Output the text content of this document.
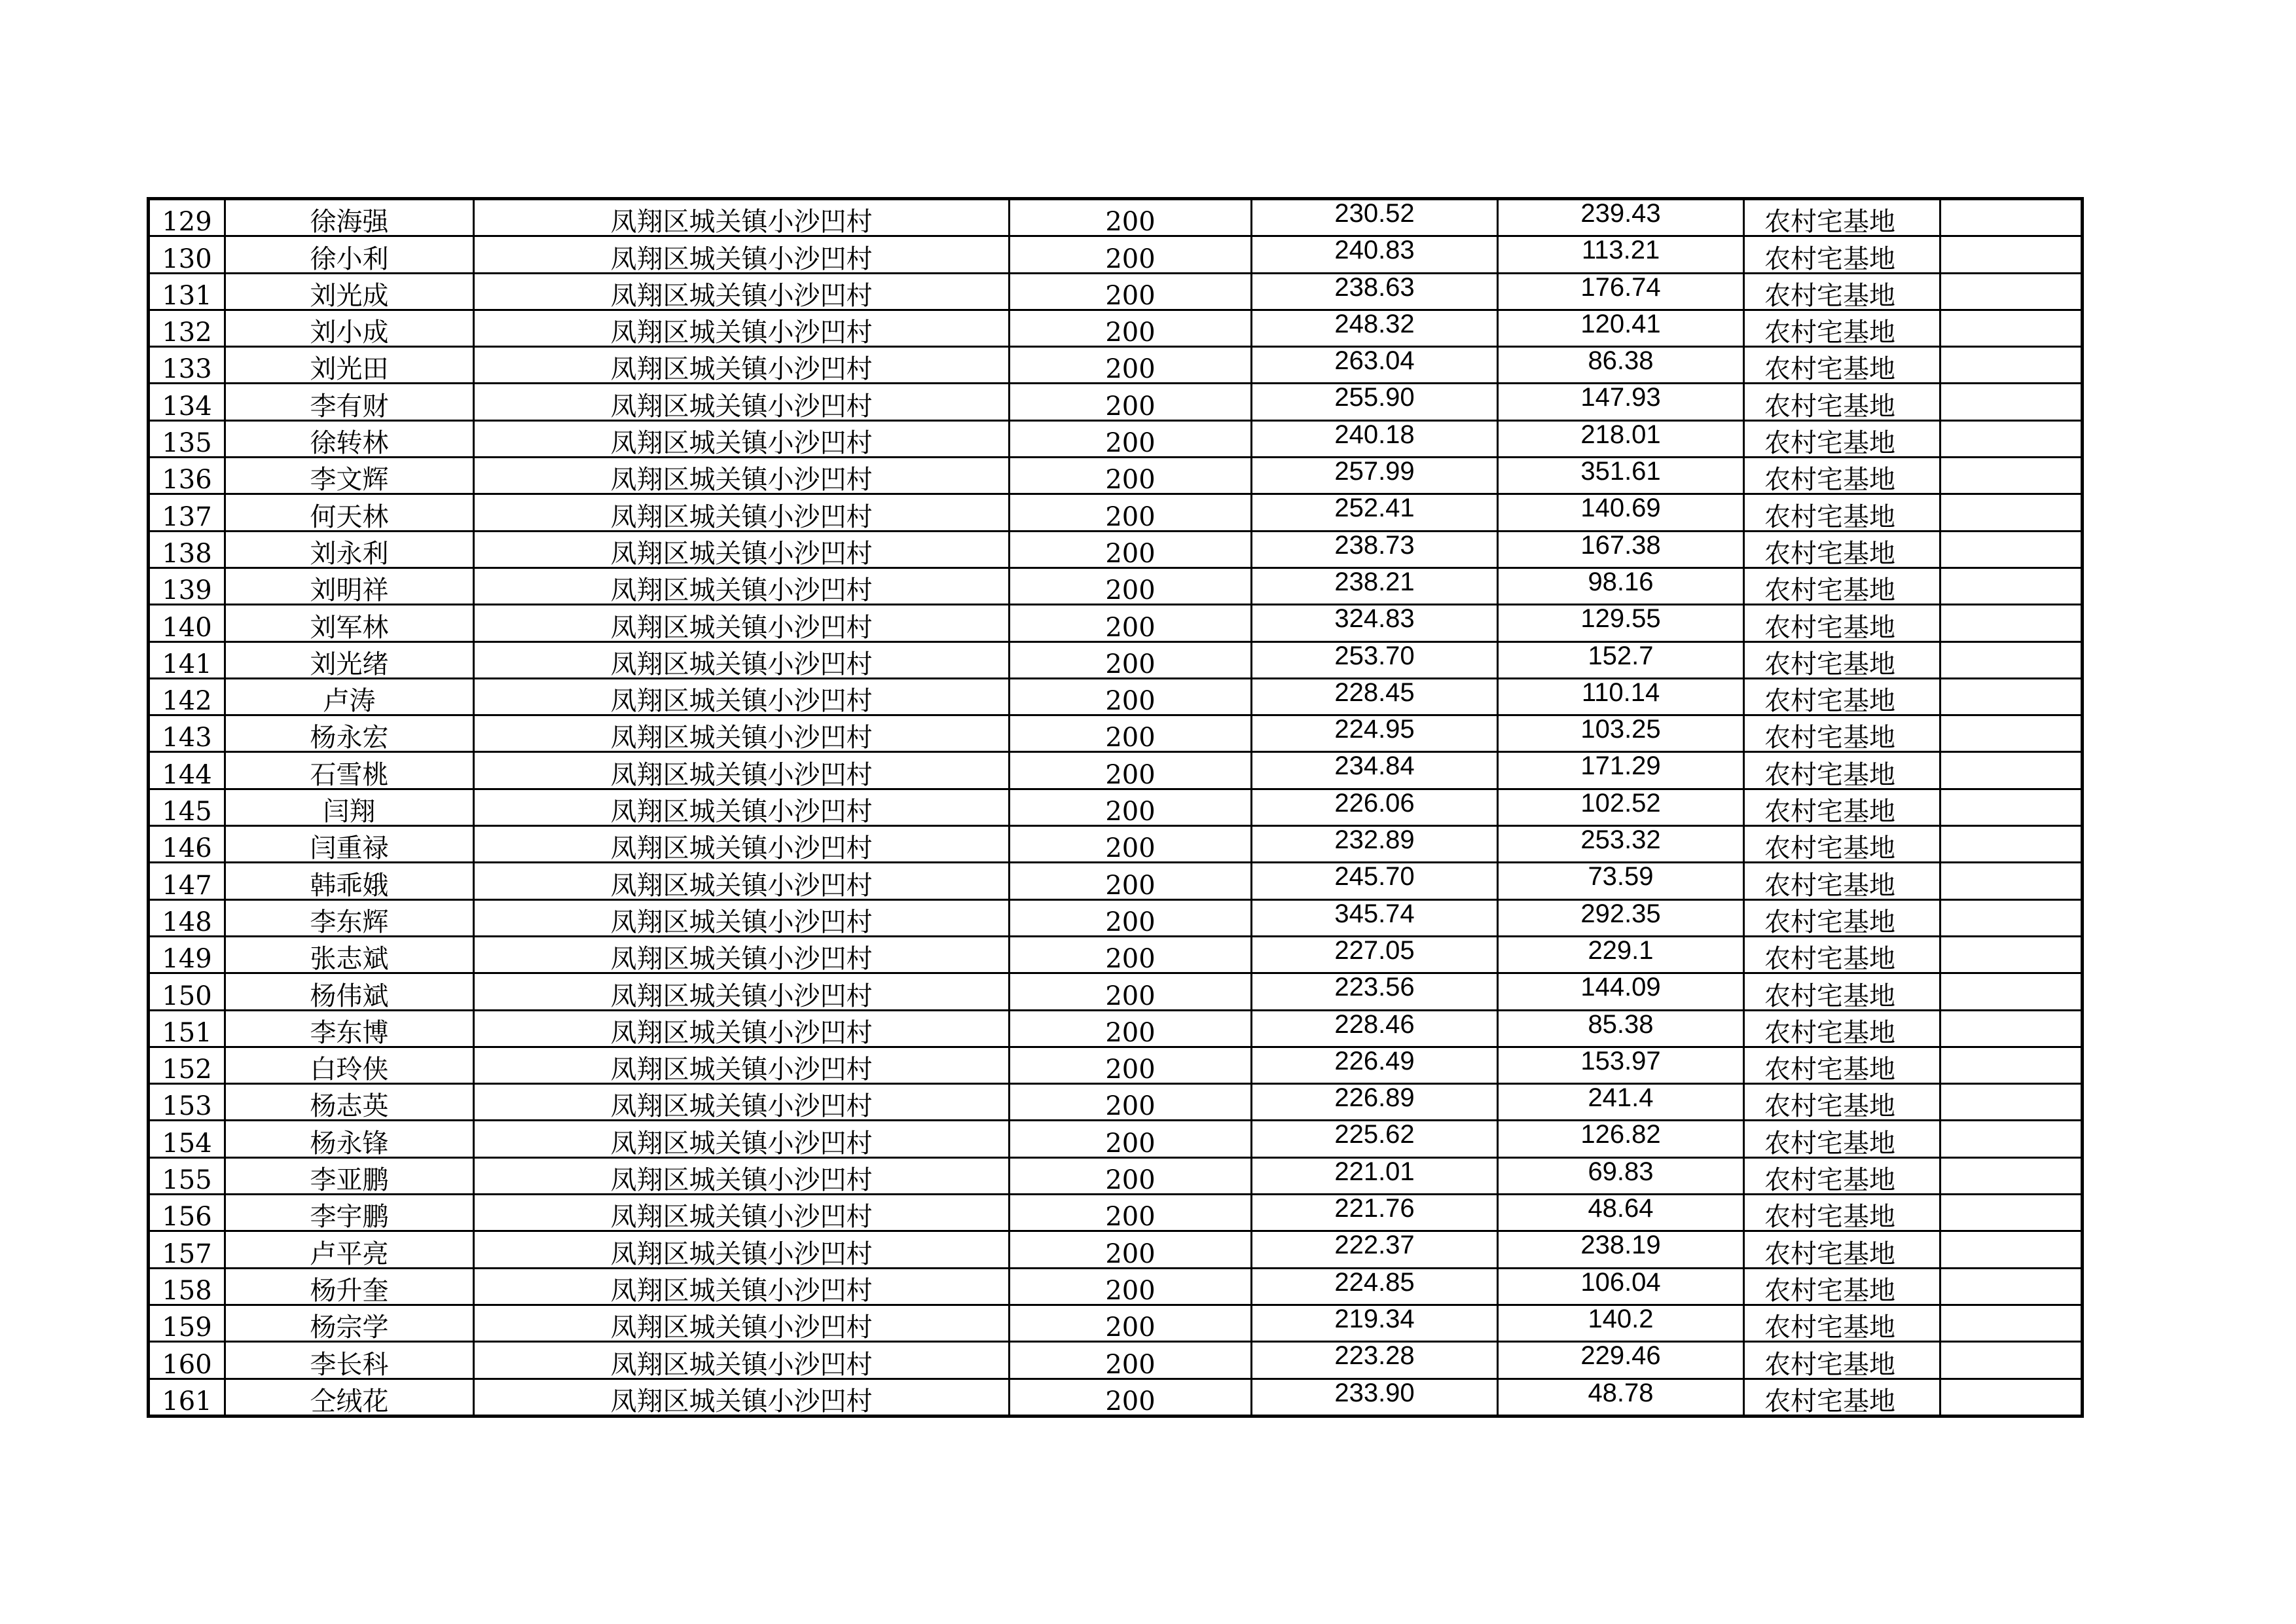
129	徐海强	凤翔区城关镇小沙凹村	200	230.52	239.43	农村宅基地	
130	徐小利	凤翔区城关镇小沙凹村	200	240.83	113.21	农村宅基地	
131	刘光成	凤翔区城关镇小沙凹村	200	238.63	176.74	农村宅基地	
132	刘小成	凤翔区城关镇小沙凹村	200	248.32	120.41	农村宅基地	
133	刘光田	凤翔区城关镇小沙凹村	200	263.04	86.38	农村宅基地	
134	李有财	凤翔区城关镇小沙凹村	200	255.90	147.93	农村宅基地	
135	徐转林	凤翔区城关镇小沙凹村	200	240.18	218.01	农村宅基地	
136	李文辉	凤翔区城关镇小沙凹村	200	257.99	351.61	农村宅基地	
137	何天林	凤翔区城关镇小沙凹村	200	252.41	140.69	农村宅基地	
138	刘永利	凤翔区城关镇小沙凹村	200	238.73	167.38	农村宅基地	
139	刘明祥	凤翔区城关镇小沙凹村	200	238.21	98.16	农村宅基地	
140	刘军林	凤翔区城关镇小沙凹村	200	324.83	129.55	农村宅基地	
141	刘光绪	凤翔区城关镇小沙凹村	200	253.70	152.7	农村宅基地	
142	卢涛	凤翔区城关镇小沙凹村	200	228.45	110.14	农村宅基地	
143	杨永宏	凤翔区城关镇小沙凹村	200	224.95	103.25	农村宅基地	
144	石雪桃	凤翔区城关镇小沙凹村	200	234.84	171.29	农村宅基地	
145	闫翔	凤翔区城关镇小沙凹村	200	226.06	102.52	农村宅基地	
146	闫重禄	凤翔区城关镇小沙凹村	200	232.89	253.32	农村宅基地	
147	韩乖娥	凤翔区城关镇小沙凹村	200	245.70	73.59	农村宅基地	
148	李东辉	凤翔区城关镇小沙凹村	200	345.74	292.35	农村宅基地	
149	张志斌	凤翔区城关镇小沙凹村	200	227.05	229.1	农村宅基地	
150	杨伟斌	凤翔区城关镇小沙凹村	200	223.56	144.09	农村宅基地	
151	李东博	凤翔区城关镇小沙凹村	200	228.46	85.38	农村宅基地	
152	白玲侠	凤翔区城关镇小沙凹村	200	226.49	153.97	农村宅基地	
153	杨志英	凤翔区城关镇小沙凹村	200	226.89	241.4	农村宅基地	
154	杨永锋	凤翔区城关镇小沙凹村	200	225.62	126.82	农村宅基地	
155	李亚鹏	凤翔区城关镇小沙凹村	200	221.01	69.83	农村宅基地	
156	李宇鹏	凤翔区城关镇小沙凹村	200	221.76	48.64	农村宅基地	
157	卢平亮	凤翔区城关镇小沙凹村	200	222.37	238.19	农村宅基地	
158	杨升奎	凤翔区城关镇小沙凹村	200	224.85	106.04	农村宅基地	
159	杨宗学	凤翔区城关镇小沙凹村	200	219.34	140.2	农村宅基地	
160	李长科	凤翔区城关镇小沙凹村	200	223.28	229.46	农村宅基地	
161	仝绒花	凤翔区城关镇小沙凹村	200	233.90	48.78	农村宅基地	
